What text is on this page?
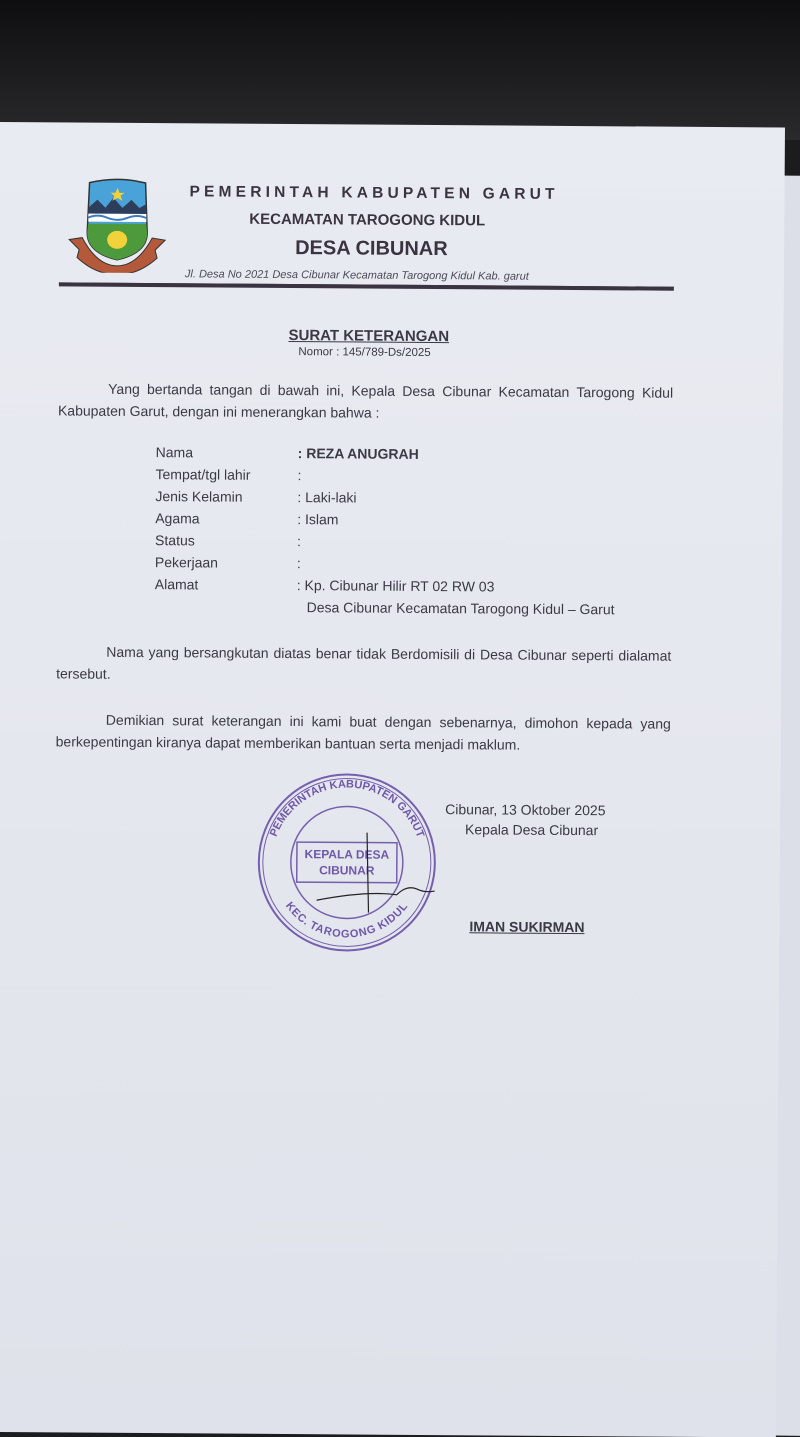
PEMERINTAH KABUPATEN GARUT
KECAMATAN TAROGONG KIDUL
DESA CIBUNAR
Jl. Desa No 2021 Desa Cibunar Kecamatan Tarogong Kidul Kab. garut
SURAT KETERANGAN
Nomor : 145/789-Ds/2025
Yang bertanda tangan di bawah ini, Kepala Desa Cibunar Kecamatan Tarogong Kidul Kabupaten Garut, dengan ini menerangkan bahwa :
Nama	: REZA ANUGRAH
Tempat/tgl lahir	:
Jenis Kelamin	: Laki-laki
Agama	: Islam
Status	:
Pekerjaan	:
Alamat	: Kp. Cibunar Hilir RT 02 RW 03
Desa Cibunar Kecamatan Tarogong Kidul – Garut
Nama yang bersangkutan diatas benar tidak Berdomisili di Desa Cibunar seperti dialamat tersebut.
Demikian surat keterangan ini kami buat dengan sebenarnya, dimohon kepada yang berkepentingan kiranya dapat memberikan bantuan serta menjadi maklum.
Cibunar, 13 Oktober 2025
Kepala Desa Cibunar
IMAN SUKIRMAN
PEMERINTAH KABUPATEN GARUT
KEC. TAROGONG KIDUL
KEPALA DESA
CIBUNAR
